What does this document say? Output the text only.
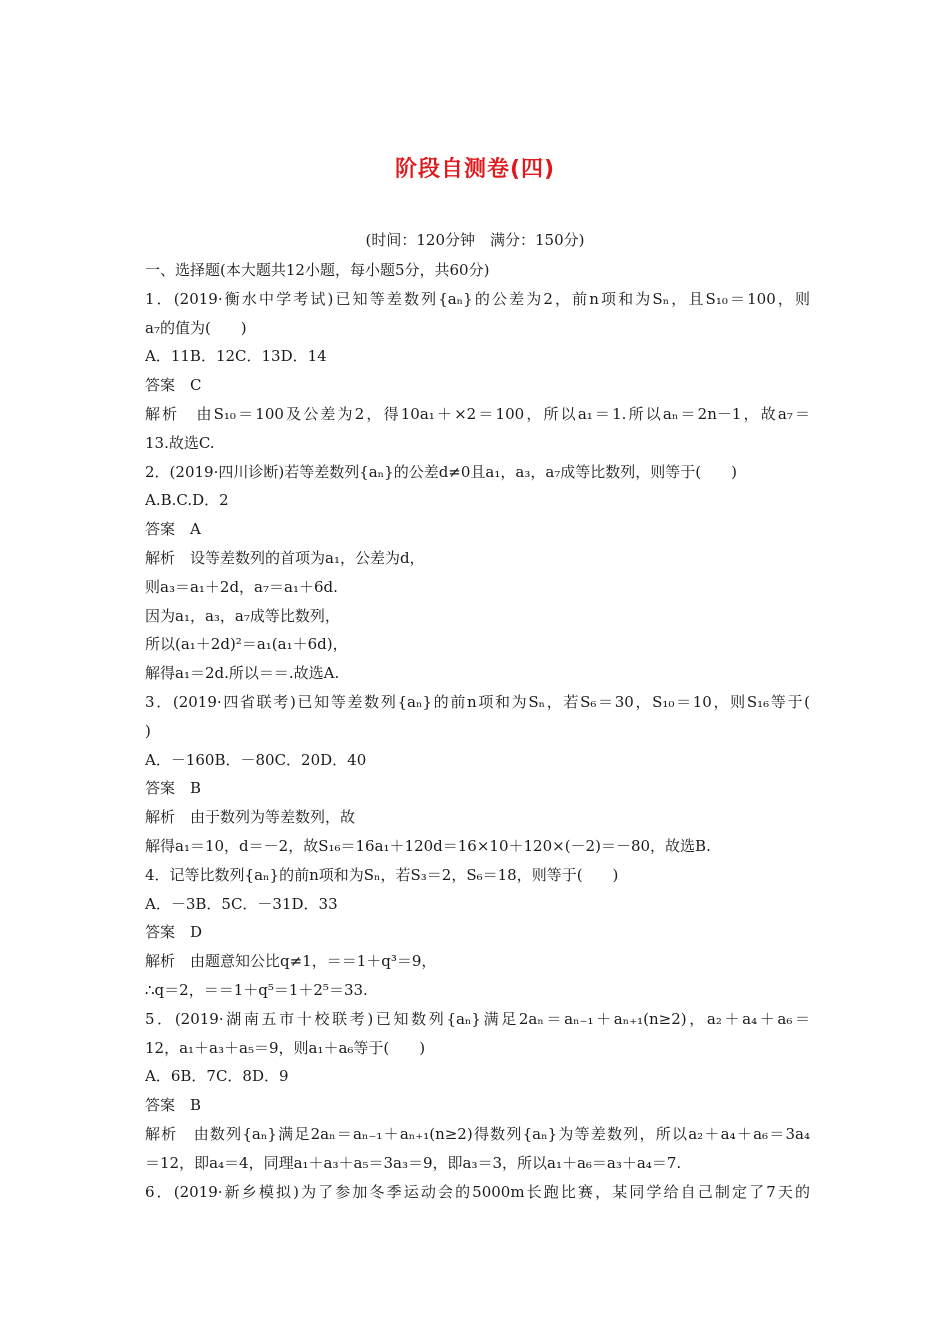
阶段自测卷(四)
(时间：120分钟　满分：150分)
一、选择题(本大题共12小题，每小题5分，共60分)
1．(2019·衡水中学考试)已知等差数列{aₙ}的公差为2，前n项和为Sₙ，且S₁₀＝100，则
a₇的值为(　　)
A．11B．12C．13D．14
答案　C
解析　由S₁₀＝100及公差为2，得10a₁＋×2＝100，所以a₁＝1.所以aₙ＝2n－1，故a₇＝
13.故选C.
2．(2019·四川诊断)若等差数列{aₙ}的公差d≠0且a₁，a₃，a₇成等比数列，则等于(　　)
A.B.C.D．2
答案　A
解析　设等差数列的首项为a₁，公差为d，
则a₃＝a₁＋2d，a₇＝a₁＋6d.
因为a₁，a₃，a₇成等比数列，
所以(a₁＋2d)²＝a₁(a₁＋6d)，
解得a₁＝2d.所以＝＝.故选A.
3．(2019·四省联考)已知等差数列{aₙ}的前n项和为Sₙ，若S₆＝30，S₁₀＝10，则S₁₆等于(
)
A．－160B．－80C．20D．40
答案　B
解析　由于数列为等差数列，故
解得a₁＝10，d＝－2，故S₁₆＝16a₁＋120d＝16×10＋120×(－2)＝－80，故选B.
4．记等比数列{aₙ}的前n项和为Sₙ，若S₃＝2，S₆＝18，则等于(　　)
A．－3B．5C．－31D．33
答案　D
解析　由题意知公比q≠1，＝＝1＋q³＝9，
∴q＝2，＝＝1＋q⁵＝1＋2⁵＝33.
5．(2019·湖南五市十校联考)已知数列{aₙ}满足2aₙ＝aₙ₋₁＋aₙ₊₁(n≥2)，a₂＋a₄＋a₆＝
12，a₁＋a₃＋a₅＝9，则a₁＋a₆等于(　　)
A．6B．7C．8D．9
答案　B
解析　由数列{aₙ}满足2aₙ＝aₙ₋₁＋aₙ₊₁(n≥2)得数列{aₙ}为等差数列，所以a₂＋a₄＋a₆＝3a₄
＝12，即a₄＝4，同理a₁＋a₃＋a₅＝3a₃＝9，即a₃＝3，所以a₁＋a₆＝a₃＋a₄＝7.
6．(2019·新乡模拟)为了参加冬季运动会的5000m长跑比赛，某同学给自己制定了7天的
